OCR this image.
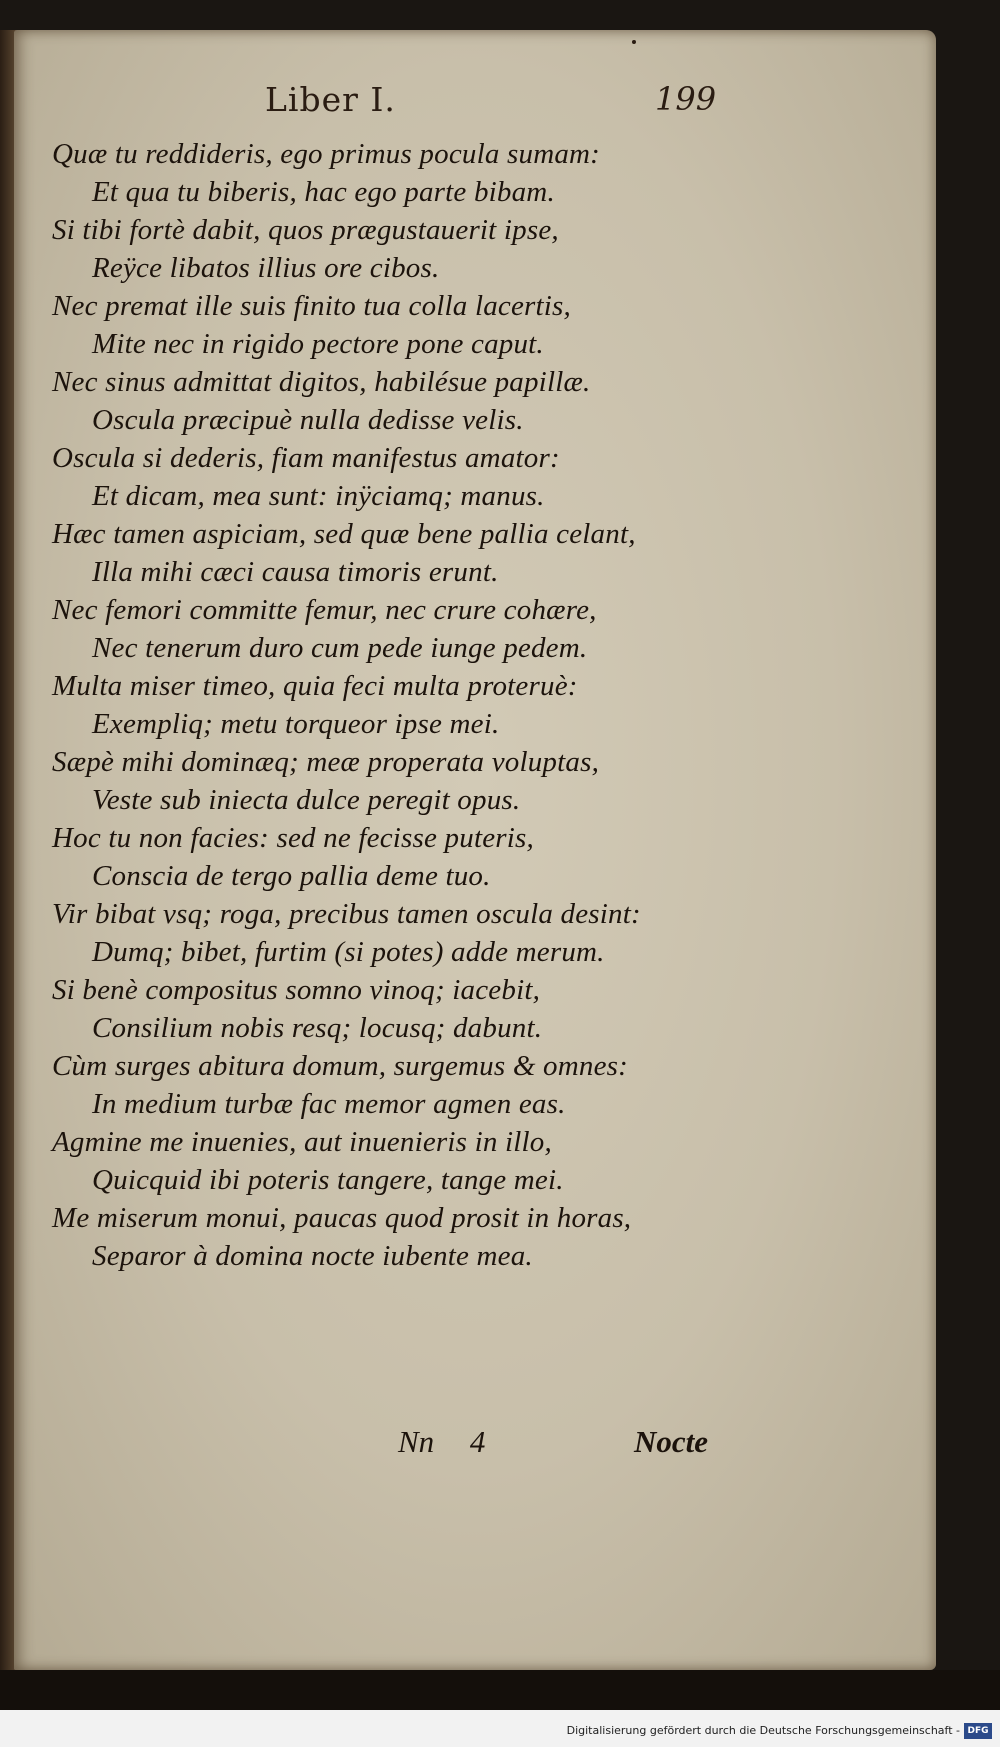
Liber I.	199
Quæ tu reddideris, ego primus pocula sumam:
Et qua tu biberis, hac ego parte bibam.
Si tibi fortè dabit, quos prægustauerit ipse,
Reÿce libatos illius ore cibos.
Nec premat ille suis finito tua colla lacertis,
Mite nec in rigido pectore pone caput.
Nec sinus admittat digitos, habilésue papillæ.
Oscula præcipuè nulla dedisse velis.
Oscula si dederis, fiam manifestus amator:
Et dicam, mea sunt: inÿciamq; manus.
Hæc tamen aspiciam, sed quæ bene pallia celant,
Illa mihi cæci causa timoris erunt.
Nec femori committe femur, nec crure cohære,
Nec tenerum duro cum pede iunge pedem.
Multa miser timeo, quia feci multa proteruè:
Exempliq; metu torqueor ipse mei.
Sæpè mihi dominæq; meæ properata voluptas,
Veste sub iniecta dulce peregit opus.
Hoc tu non facies: sed ne fecisse puteris,
Conscia de tergo pallia deme tuo.
Vir bibat vsq; roga, precibus tamen oscula desint:
Dumq; bibet, furtim (si potes) adde merum.
Si benè compositus somno vinoq; iacebit,
Consilium nobis resq; locusq; dabunt.
Cùm surges abitura domum, surgemus & omnes:
In medium turbæ fac memor agmen eas.
Agmine me inuenies, aut inuenieris in illo,
Quicquid ibi poteris tangere, tange mei.
Me miserum monui, paucas quod prosit in horas,
Separor à domina nocte iubente mea.
Nn 4	Nocte
Digitalisierung gefördert durch die Deutsche Forschungsgemeinschaft - DFG
